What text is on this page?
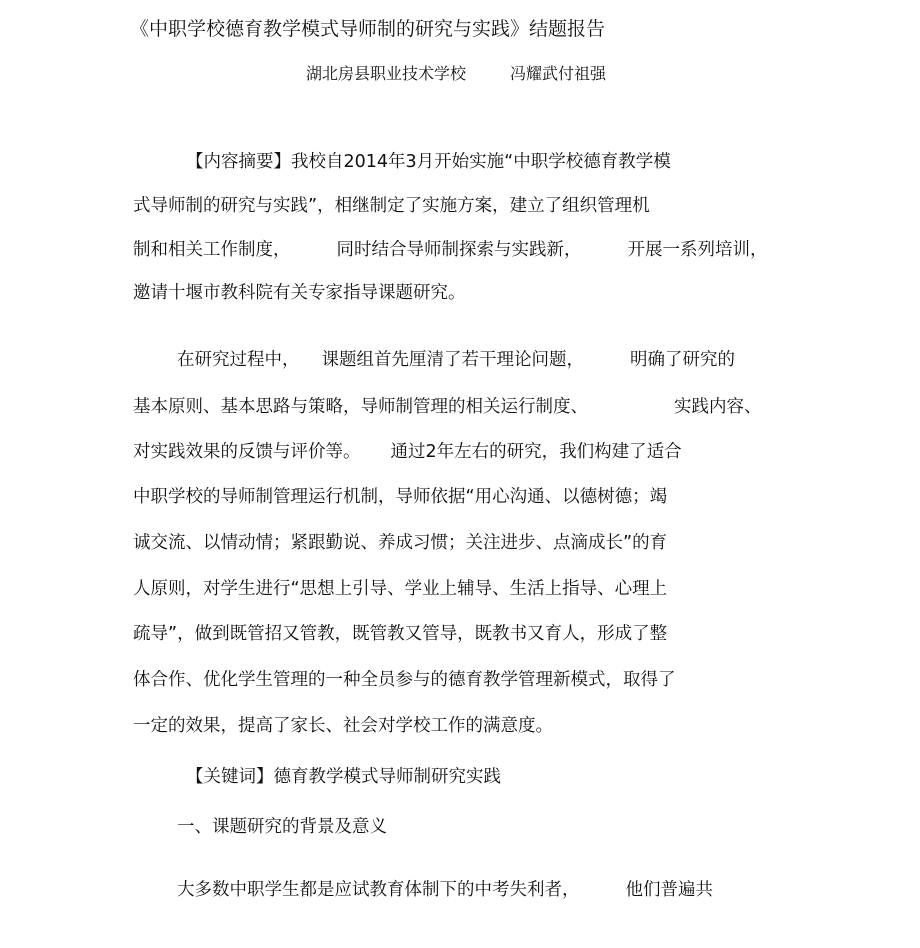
《中职学校德育教学模式导师制的研究与实践》结题报告
湖北房县职业技术学校	冯耀武付祖强
【内容摘要】我校自2014年3月开始实施“中职学校德育教学模
式导师制的研究与实践”，相继制定了实施方案，建立了组织管理机
制和相关工作制度，	同时结合导师制探索与实践新，	开展一系列培训，
邀请十堰市教科院有关专家指导课题研究。
在研究过程中， 课题组首先厘清了若干理论问题，	明确了研究的
基本原则、基本思路与策略，导师制管理的相关运行制度、	实践内容、
对实践效果的反馈与评价等。 通过2年左右的研究，我们构建了适合
中职学校的导师制管理运行机制，导师依据“用心沟通、以德树德；竭
诚交流、以情动情；紧跟勤说、养成习惯；关注进步、点滴成长”的育
人原则，对学生进行“思想上引导、学业上辅导、生活上指导、心理上
疏导”，做到既管招又管教，既管教又管导，既教书又育人，形成了整
体合作、优化学生管理的一种全员参与的德育教学管理新模式，取得了
一定的效果，提高了家长、社会对学校工作的满意度。
【关键词】德育教学模式导师制研究实践
一、课题研究的背景及意义
大多数中职学生都是应试教育体制下的中考失利者，	他们普遍共
